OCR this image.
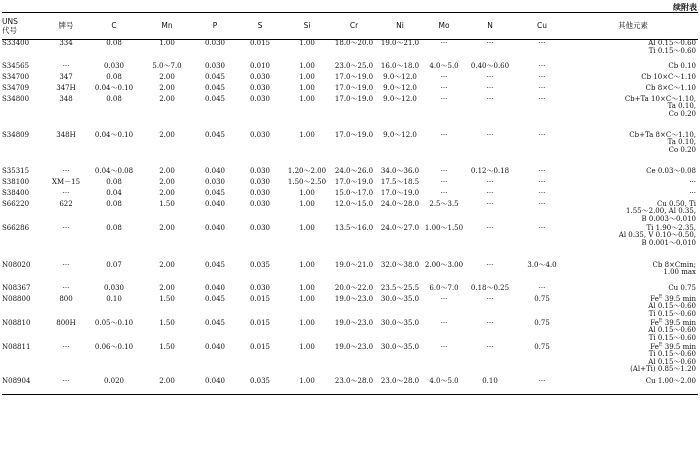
续附表
UNS
代号	牌号	C	Mn	P	S	Si	Cr	Ni	Mo	N	Cu	其他元素
S33400	334	0.08	1.00	0.030	0.015	1.00	18.0～20.0	19.0～21.0	···	···	···	Al 0.15～0.60
Ti 0.15～0.60

S34565	···	0.030	5.0～7.0	0.030	0.010	1.00	23.0～25.0	16.0～18.0	4.0～5.0	0.40～0.60	···	Cb 0.10

S34700	347	0.08	2.00	0.045	0.030	1.00	17.0～19.0	9.0～12.0	···	···	···	Cb 10×C～1.10

S34709	347H	0.04～0.10	2.00	0.045	0.030	1.00	17.0～19.0	9.0～12.0	···	···	···	Cb 8×C～1.10

S34800	348	0.08	2.00	0.045	0.030	1.00	17.0～19.0	9.0～12.0	···	···	···	Cb+Ta 10×C～1.10,
Ta 0.10,
Co 0.20

S34809	348H	0.04～0.10	2.00	0.045	0.030	1.00	17.0～19.0	9.0～12.0	···	···	···	Cb+Ta 8×C～1.10,
Ta 0.10,
Co 0.20

S35315	···	0.04～0.08	2.00	0.040	0.030	1.20～2.00	24.0～26.0	34.0～36.0	···	0.12～0.18	···	Ce 0.03～0.08

S38100	XM－15	0.08	2.00	0.030	0.030	1.50～2.50	17.0～19.0	17.5～18.5	···	···	···	···

S38400	···	0.04	2.00	0.045	0.030	1.00	15.0～17.0	17.0～19.0	···	···	···	···

S66220	622	0.08	1.50	0.040	0.030	1.00	12.0～15.0	24.0～28.0	2.5～3.5	···	···	Cu 0.50, Ti
1.55～2.00, Al 0.35,
B 0.003～0.010

S66286	···	0.08	2.00	0.040	0.030	1.00	13.5～16.0	24.0～27.0	1.00～1.50	···	···	Ti 1.90～2.35,
Al 0.35, V 0.10～0.50,
B 0.001～0.010

N08020	···	0.07	2.00	0.045	0.035	1.00	19.0～21.0	32.0～38.0	2.00～3.00	···	3.0～4.0	Cb 8×Cmin;
1.00 max

N08367	···	0.030	2.00	0.040	0.030	1.00	20.0～22.0	23.5～25.5	6.0～7.0	0.18～0.25	···	Cu 0.75

N08800	800	0.10	1.50	0.045	0.015	1.00	19.0～23.0	30.0～35.0	···	···	0.75	$Fe^E$ 39.5 min
Al 0.15～0.60
Ti 0.15～0.60

N08810	800H	0.05～0.10	1.50	0.045	0.015	1.00	19.0～23.0	30.0～35.0	···	···	0.75	$Fe^E$ 39.5 min
Al 0.15～0.60
Ti 0.15～0.60

N08811	···	0.06～0.10	1.50	0.040	0.015	1.00	19.0～23.0	30.0～35.0	···	···	0.75	$Fe^E$ 39.5 min
Ti 0.15～0.60
Al 0.15～0.60
(Al+Ti) 0.85～1.20

N08904	···	0.020	2.00	0.040	0.035	1.00	23.0～28.0	23.0～28.0	4.0～5.0	0.10	···	Cu 1.00～2.00
